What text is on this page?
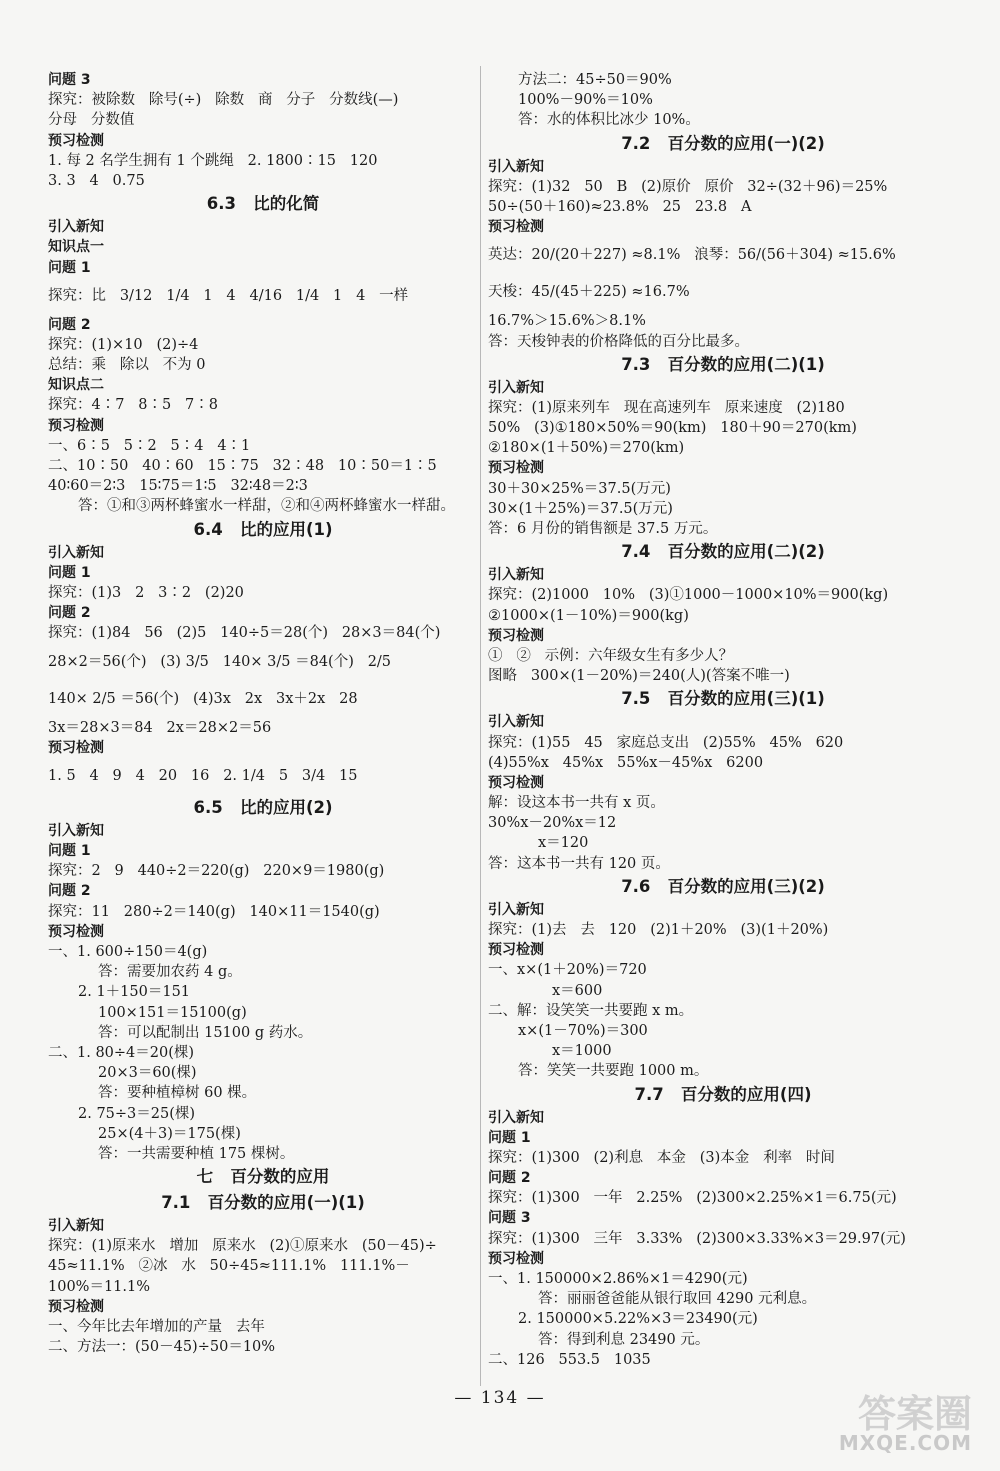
问题 3
探究：被除数   除号(÷)   除数   商   分子   分数线(—)
分母   分数值
预习检测
1. 每 2 名学生拥有 1 个跳绳   2. 1800∶15   120
3. 3   4   0.75
6.3   比的化简
引入新知
知识点一
问题 1
探究：比   3/12   1/4   1   4   4/16   1/4   1   4   一样
问题 2
探究：(1)×10   (2)÷4
总结：乘   除以   不为 0
知识点二
探究：4∶7   8∶5   7∶8
预习检测
一、6∶5   5∶2   5∶4   4∶1
二、10∶50   40∶60   15∶75   32∶48   10∶50＝1∶5
40∶60＝2∶3   15∶75＝1∶5   32∶48＝2∶3
答：①和③两杯蜂蜜水一样甜，②和④两杯蜂蜜水一样甜。
6.4   比的应用(1)
引入新知
问题 1
探究：(1)3   2   3∶2   (2)20
问题 2
探究：(1)84   56   (2)5   140÷5＝28(个)   28×3＝84(个)
28×2＝56(个)   (3) 3/5   140× 3/5 ＝84(个)   2/5
140× 2/5 ＝56(个)   (4)3x   2x   3x＋2x   28
3x＝28×3＝84   2x＝28×2＝56
预习检测
1. 5   4   9   4   20   16   2. 1/4   5   3/4   15
6.5   比的应用(2)
引入新知
问题 1
探究：2   9   440÷2＝220(g)   220×9＝1980(g)
问题 2
探究：11   280÷2＝140(g)   140×11＝1540(g)
预习检测
一、1. 600÷150＝4(g)
答：需要加农药 4 g。
2. 1＋150＝151
100×151＝15100(g)
答：可以配制出 15100 g 药水。
二、1. 80÷4＝20(棵)
20×3＝60(棵)
答：要种植樟树 60 棵。
2. 75÷3＝25(棵)
25×(4＋3)＝175(棵)
答：一共需要种植 175 棵树。
七   百分数的应用
7.1   百分数的应用(一)(1)
引入新知
探究：(1)原来水   增加   原来水   (2)①原来水   (50－45)÷
45≈11.1%   ②冰   水   50÷45≈111.1%   111.1%－
100%＝11.1%
预习检测
一、今年比去年增加的产量   去年
二、方法一：(50－45)÷50＝10%
方法二：45÷50＝90%
100%－90%＝10%
答：水的体积比冰少 10%。
7.2   百分数的应用(一)(2)
引入新知
探究：(1)32   50   B   (2)原价   原价   32÷(32＋96)＝25%
50÷(50＋160)≈23.8%   25   23.8   A
预习检测
英达：20/(20＋227) ≈8.1%   浪琴：56/(56＋304) ≈15.6%
天梭：45/(45＋225) ≈16.7%
16.7%＞15.6%＞8.1%
答：天梭钟表的价格降低的百分比最多。
7.3   百分数的应用(二)(1)
引入新知
探究：(1)原来列车   现在高速列车   原来速度   (2)180
50%   (3)①180×50%＝90(km)   180＋90＝270(km)
②180×(1＋50%)＝270(km)
预习检测
30＋30×25%＝37.5(万元)
30×(1＋25%)＝37.5(万元)
答：6 月份的销售额是 37.5 万元。
7.4   百分数的应用(二)(2)
引入新知
探究：(2)1000   10%   (3)①1000－1000×10%＝900(kg)
②1000×(1－10%)＝900(kg)
预习检测
①   ②   示例：六年级女生有多少人？
图略   300×(1－20%)＝240(人)(答案不唯一)
7.5   百分数的应用(三)(1)
引入新知
探究：(1)55   45   家庭总支出   (2)55%   45%   620
(4)55%x   45%x   55%x－45%x   6200
预习检测
解：设这本书一共有 x 页。
30%x－20%x＝12
x＝120
答：这本书一共有 120 页。
7.6   百分数的应用(三)(2)
引入新知
探究：(1)去   去   120   (2)1＋20%   (3)(1＋20%)
预习检测
一、x×(1＋20%)＝720
x＝600
二、解：设笑笑一共要跑 x m。
x×(1－70%)＝300
x＝1000
答：笑笑一共要跑 1000 m。
7.7   百分数的应用(四)
引入新知
问题 1
探究：(1)300   (2)利息   本金   (3)本金   利率   时间
问题 2
探究：(1)300   一年   2.25%   (2)300×2.25%×1＝6.75(元)
问题 3
探究：(1)300   三年   3.33%   (2)300×3.33%×3＝29.97(元)
预习检测
一、1. 150000×2.86%×1＝4290(元)
答：丽丽爸爸能从银行取回 4290 元利息。
2. 150000×5.22%×3＝23490(元)
答：得到利息 23490 元。
二、126   553.5   1035
— 134 —	答案圈
MXQE.COM
